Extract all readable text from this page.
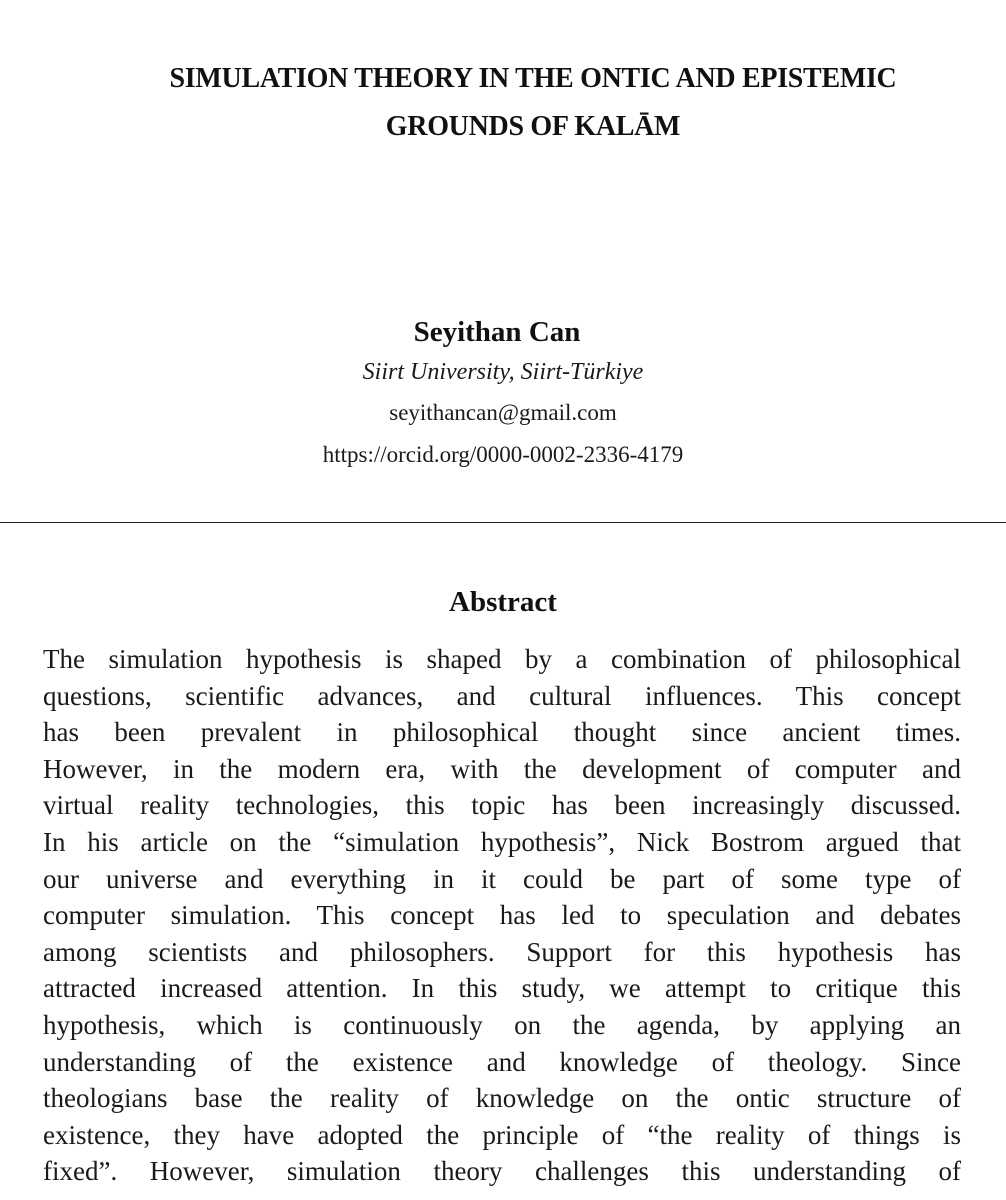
SIMULATION THEORY IN THE ONTIC AND EPISTEMIC
GROUNDS OF KALĀM
Seyithan Can
Siirt University, Siirt-Türkiye
seyithancan@gmail.com
https://orcid.org/0000-0002-2336-4179
Abstract
The simulation hypothesis is shaped by a combination of philosophical
questions, scientific advances, and cultural influences. This concept
has been prevalent in philosophical thought since ancient times.
However, in the modern era, with the development of computer and
virtual reality technologies, this topic has been increasingly discussed.
In his article on the “simulation hypothesis”, Nick Bostrom argued that
our universe and everything in it could be part of some type of
computer simulation. This concept has led to speculation and debates
among scientists and philosophers. Support for this hypothesis has
attracted increased attention. In this study, we attempt to critique this
hypothesis, which is continuously on the agenda, by applying an
understanding of the existence and knowledge of theology. Since
theologians base the reality of knowledge on the ontic structure of
existence, they have adopted the principle of “the reality of things is
fixed”. However, simulation theory challenges this understanding of
